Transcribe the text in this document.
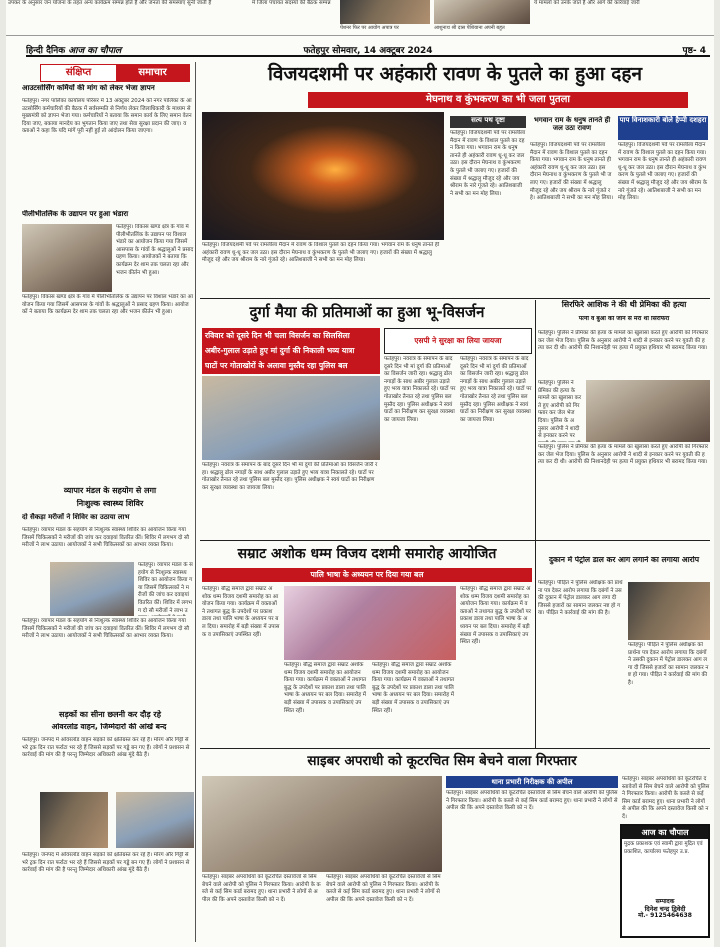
उपकर के अनुसार जन योजना के तहत अन्य कार्यक्रम सम्पन्न होते हैं और जनता की समस्याएं सुनी जाती हैं	में जिला पंचायत सदस्यों की बैठक सम्पन्न
पेंशनर फिर पर आयोग अपात्र पर	आशुनाथ श्री दास पेशियाना अपनी बहुत
ये मामलों को उनके जाते हैं और आगे की कार्रवाई जारी
हिन्दी दैनिक आज का चौपाल	फतेहपुर सोमवार, 14 अक्टूबर 2024	पृष्ठ- 4
संक्षिप्त	समाचार
आउटसोर्सिंग कर्मियों की मांग को लेकर भेजा ज्ञापन
फतेहपुर। नगर पालिका कार्यालय परिसर में 13 अक्टूबर 2024 को नगर पालिका के आउटसोर्सिंग कर्मचारियों की बैठक में सर्वसम्मति से निर्णय लेकर जिलाधिकारी के माध्यम से मुख्यमंत्री को ज्ञापन भेजा गया। कर्मचारियों ने बताया कि समान कार्य के लिए समान वेतन दिया जाए, बकाया मानदेय का भुगतान किया जाए तथा सेवा सुरक्षा प्रदान की जाए। वक्ताओं ने कहा कि यदि मांगें पूरी नहीं हुईं तो आंदोलन किया जाएगा।
पीलीभीतलिंक के उद्यापन पर हुआ भंडारा
फतेहपुर। विकास खण्ड क्षेत्र के गांव में पीलीभीतलिंक के उद्यापन पर विशाल भंडारे का आयोजन किया गया जिसमें आसपास के गांवों के श्रद्धालुओं ने प्रसाद ग्रहण किया। आयोजकों ने बताया कि कार्यक्रम देर शाम तक चलता रहा और भजन कीर्तन भी हुआ।
फतेहपुर। विकास खण्ड क्षेत्र के गांव में पीलीभीतलिंक के उद्यापन पर विशाल भंडारे का आयोजन किया गया जिसमें आसपास के गांवों के श्रद्धालुओं ने प्रसाद ग्रहण किया। आयोजकों ने बताया कि कार्यक्रम देर शाम तक चलता रहा और भजन कीर्तन भी हुआ।
व्यापार मंडल के सहयोग से लगा
निःशुल्क स्वास्थ्य शिविर
दो सैकड़ा मरीजों ने शिविर का उठाया लाभ
फतेहपुर। व्यापार मंडल के सहयोग से निःशुल्क स्वास्थ्य शिविर का आयोजन किया गया जिसमें चिकित्सकों ने मरीजों की जांच कर दवाइयां वितरित कीं। शिविर में लगभग दो सौ मरीजों ने लाभ उठाया। आयोजकों ने सभी चिकित्सकों का आभार व्यक्त किया।
फतेहपुर। व्यापार मंडल के सहयोग से निःशुल्क स्वास्थ्य शिविर का आयोजन किया गया जिसमें चिकित्सकों ने मरीजों की जांच कर दवाइयां वितरित कीं। शिविर में लगभग दो सौ मरीजों ने लाभ उ
फतेहपुर। व्यापार मंडल के सहयोग से निःशुल्क स्वास्थ्य शिविर का आयोजन किया गया जिसमें चिकित्सकों ने मरीजों की जांच कर दवाइयां वितरित कीं। शिविर में लगभग दो सौ मरीजों ने लाभ उठाया। आयोजकों ने सभी चिकित्सकों का आभार व्यक्त किया।
सड़कों का सीना छलनी कर दौड़ रहे
ओवरलोड वाहन, जिम्मेदारों की आंखें बन्द
फतेहपुर। जनपद में ओवरलोड वाहन सड़कों को क्षतिग्रस्त कर रहे हैं। मोरंग और गिट्टी से भरे ट्रक दिन रात फर्राटा भर रहे हैं जिससे सड़कों पर गड्ढे बन गए हैं। लोगों ने प्रशासन से कार्रवाई की मांग की है परन्तु जिम्मेदार अधिकारी आंख मूंदे बैठे हैं।
फतेहपुर। जनपद में ओवरलोड वाहन सड़कों को क्षतिग्रस्त कर रहे हैं। मोरंग और गिट्टी से भरे ट्रक दिन रात फर्राटा भर रहे हैं जिससे सड़कों पर गड्ढे बन गए हैं। लोगों ने प्रशासन से कार्रवाई की मांग की है परन्तु जिम्मेदार अधिकारी आंख मूंदे बैठे हैं।
विजयदशमी पर अहंकारी रावण के पुतले का हुआ दहन
मेघनाथ व कुंभकरण का भी जला पुतला
फतेहपुर। विजयदशमी पर्व पर रामलीला मैदान में रावण के विशाल पुतले का दहन किया गया। भगवान राम के धनुष तानते ही अहंकारी रावण धू-धू कर जल उठा। इस दौरान मेघनाथ व कुंभकरण के पुतले भी जलाए गए। हजारों की संख्या में श्रद्धालु मौजूद रहे और जय श्रीराम के नारे गूंजते रहे। आतिशबाजी ने सभी का मन मोह लिया।
सत्य पथ दृष्टा
फतेहपुर। विजयदशमी पर्व पर रामलीला मैदान में रावण के विशाल पुतले का दहन किया गया। भगवान राम के धनुष तानते ही अहंकारी रावण धू-धू कर जल उठा। इस दौरान मेघनाथ व कुंभकरण के पुतले भी जलाए गए। हजारों की संख्या में श्रद्धालु मौजूद रहे और जय श्रीराम के नारे गूंजते रहे। आतिशबाजी ने सभी का मन मोह लिया।
भगवान राम के धनुष तानते ही जल उठा रावण
फतेहपुर। विजयदशमी पर्व पर रामलीला मैदान में रावण के विशाल पुतले का दहन किया गया। भगवान राम के धनुष तानते ही अहंकारी रावण धू-धू कर जल उठा। इस दौरान मेघनाथ व कुंभकरण के पुतले भी जलाए गए। हजारों की संख्या में श्रद्धालु मौजूद रहे और जय श्रीराम के नारे गूंजते रहे। आतिशबाजी ने सभी का मन मोह लिया।
पाप विनाशकारी बोले हैप्पी दशहरा
फतेहपुर। विजयदशमी पर्व पर रामलीला मैदान में रावण के विशाल पुतले का दहन किया गया। भगवान राम के धनुष तानते ही अहंकारी रावण धू-धू कर जल उठा। इस दौरान मेघनाथ व कुंभकरण के पुतले भी जलाए गए। हजारों की संख्या में श्रद्धालु मौजूद रहे और जय श्रीराम के नारे गूंजते रहे। आतिशबाजी ने सभी का मन मोह लिया।
दुर्गा मैया की प्रतिमाओं का हुआ भू-विसर्जन
रविवार को दूसरे दिन भी चला विसर्जन का सिलसिला
अबीर-गुलाल उड़ाते हुए मां दुर्गा की निकाली भव्य यात्रा
घाटों पर गोताखोरों के अलावा मुस्तैद रहा पुलिस बल
फतेहपुर। नवरात्र के समापन के बाद दूसरे दिन भी मां दुर्गा की प्रतिमाओं का विसर्जन जारी रहा। श्रद्धालु ढोल नगाड़ों के साथ अबीर गुलाल उड़ाते हुए भव्य यात्रा निकालते रहे। घाटों पर गोताखोर तैनात रहे तथा पुलिस बल मुस्तैद रहा। पुलिस अधीक्षक ने स्वयं घाटों का निरीक्षण कर सुरक्षा व्यवस्था का जायजा लिया।
एसपी ने सुरक्षा का लिया जायजा
फतेहपुर। नवरात्र के समापन के बाद दूसरे दिन भी मां दुर्गा की प्रतिमाओं का विसर्जन जारी रहा। श्रद्धालु ढोल नगाड़ों के साथ अबीर गुलाल उड़ाते हुए भव्य यात्रा निकालते रहे। घाटों पर गोताखोर तैनात रहे तथा पुलिस बल मुस्तैद रहा। पुलिस अधीक्षक ने स्वयं घाटों का निरीक्षण कर सुरक्षा व्यवस्था का जायजा लिया।
फतेहपुर। नवरात्र के समापन के बाद दूसरे दिन भी मां दुर्गा की प्रतिमाओं का विसर्जन जारी रहा। श्रद्धालु ढोल नगाड़ों के साथ अबीर गुलाल उड़ाते हुए भव्य यात्रा निकालते रहे। घाटों पर गोताखोर तैनात रहे तथा पुलिस बल मुस्तैद रहा। पुलिस अधीक्षक ने स्वयं घाटों का निरीक्षण कर सुरक्षा व्यवस्था का जायजा लिया।
सिरफिरे आशिक ने की थी प्रेमिका की हत्या
पत्नी व बुआ को जानें से मरा था सिरफिरा
फतेहपुर। पुलिस ने प्रेमिका की हत्या के मामले का खुलासा करते हुए आरोपी को गिरफ्तार कर जेल भेज दिया। पुलिस के अनुसार आरोपी ने शादी से इनकार करने पर युवती की हत्या कर दी थी। आरोपी की निशानदेही पर हत्या में प्रयुक्त हथियार भी बरामद किया गया।
फतेहपुर। पुलिस ने प्रेमिका की हत्या के मामले का खुलासा करते हुए आरोपी को गिरफ्तार कर जेल भेज दिया। पुलिस के अनुसार आरोपी ने शादी से इनकार करने पर
फतेहपुर। पुलिस ने प्रेमिका की हत्या के मामले का खुलासा करते हुए आरोपी को गिरफ्तार कर जेल भेज दिया। पुलिस के अनुसार आरोपी ने शादी से इनकार करने पर युवती की हत्या कर दी थी। आरोपी की निशानदेही पर हत्या में प्रयुक्त हथियार भी बरामद किया गया।
सम्राट अशोक धम्म विजय दशमी समारोह आयोजित
पालि भाषा के अध्ययन पर दिया गया बल
फतेहपुर। बौद्ध समाज द्वारा सम्राट अशोक धम्म विजय दशमी समारोह का आयोजन किया गया। कार्यक्रम में वक्ताओं ने तथागत बुद्ध के उपदेशों पर प्रकाश डाला तथा पालि भाषा के अध्ययन पर बल दिया। समारोह में बड़ी संख्या में उपासक व उपासिकाएं उपस्थित रहीं।
फतेहपुर। बौद्ध समाज द्वारा सम्राट अशोक धम्म विजय दशमी समारोह का आयोजन किया गया। कार्यक्रम में वक्ताओं ने तथागत बुद्ध के उपदेशों पर प्रकाश डाला तथा पालि भाषा के अध्ययन पर बल दिया। समारोह में बड़ी संख्या में उपासक व उपासिकाएं उपस्थित रहीं।
फतेहपुर। बौद्ध समाज द्वारा सम्राट अशोक धम्म विजय दशमी समारोह का आयोजन किया गया। कार्यक्रम में वक्ताओं ने तथागत बुद्ध के उपदेशों पर प्रकाश डाला तथा पालि भाषा के अध्ययन पर बल दिया। समारोह में बड़ी संख्या में उपासक व उपासिकाएं उपस्थित रहीं।
फतेहपुर। बौद्ध समाज द्वारा सम्राट अशोक धम्म विजय दशमी समारोह का आयोजन किया गया। कार्यक्रम में वक्ताओं ने तथागत बुद्ध के उपदेशों पर प्रकाश डाला तथा पालि भाषा के अध्ययन पर बल दिया। समारोह में बड़ी संख्या में उपासक व उपासिकाएं उपस्थित रहीं।
दुकान में पेट्रोल डाल कर आग लगाने का लगाया आरोप
फतेहपुर। पीड़ित ने पुलिस अधीक्षक को प्रार्थना पत्र देकर आरोप लगाया कि दबंगों ने उसकी दुकान में पेट्रोल डालकर आग लगा दी जिससे हजारों का सामान जलकर नष्ट हो गया। पीड़ित ने कार्रवाई की मांग की है।
फतेहपुर। पीड़ित ने पुलिस अधीक्षक को प्रार्थना पत्र देकर आरोप लगाया कि दबंगों ने उसकी दुकान में पेट्रोल डालकर आग लगा दी जिससे हजारों का सामान जलकर नष्ट हो गया। पीड़ित ने कार्रवाई की मांग की है।
साइबर अपराधी को कूटरचित सिम बेचने वाला गिरफ्तार
फतेहपुर। साइबर अपराधियों को कूटरचित दस्तावेजों से सिम बेचने वाले आरोपी को पुलिस ने गिरफ्तार किया। आरोपी के कब्जे से कई सिम कार्ड बरामद हुए। थाना प्रभारी ने लोगों से अपील की कि अपने दस्तावेज किसी को न दें।
फतेहपुर। साइबर अपराधियों को कूटरचित दस्तावेजों से सिम बेचने वाले आरोपी को पुलिस ने गिरफ्तार किया। आरोपी के कब्जे से कई सिम कार्ड बरामद हुए। थाना प्रभारी ने लोगों से अपील की कि अपने दस्तावेज किसी को न दें।
थाना प्रभारी निरीक्षक की अपील
फतेहपुर। साइबर अपराधियों को कूटरचित दस्तावेजों से सिम बेचने वाले आरोपी को पुलिस ने गिरफ्तार किया। आरोपी के कब्जे से कई सिम कार्ड बरामद हुए। थाना प्रभारी ने लोगों से अपील की कि अपने दस्तावेज किसी को न दें।
फतेहपुर। साइबर अपराधियों को कूटरचित दस्तावेजों से सिम बेचने वाले आरोपी को पुलिस ने गिरफ्तार किया। आरोपी के कब्जे से कई सिम कार्ड बरामद हुए। थाना प्रभारी ने लोगों से अपील की कि अपने दस्तावेज किसी को न दें।
आज का चौपाल
मुद्रक प्रकाशक एवं स्वामी द्वारा मुद्रित एवं प्रकाशित, कार्यालय फतेहपुर उ.प्र.
सम्पादक
दिनेश चन्द्र द्विवेदी
मो.- 9125464638
